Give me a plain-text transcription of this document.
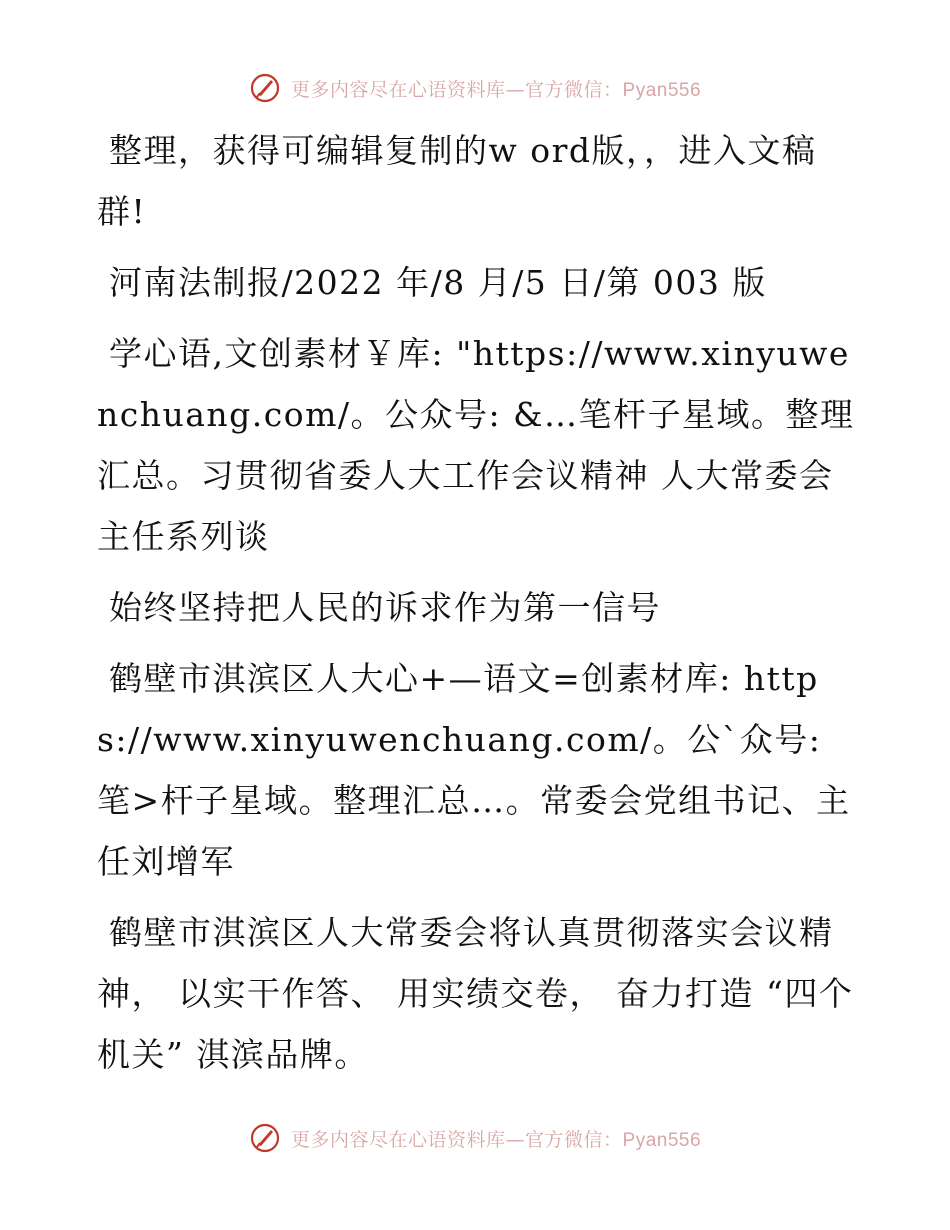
更多内容尽在心语资料库—官方微信：Pyan556

整理，获得可编辑复制的w ord版，，进入文稿群!

河南法制报/2022 年/8 月/5 日/第 003 版

学心语,文创素材￥库: "https://www.xinyuwenchuang.com/。公众号: &…笔杆子星域。整理汇总。习贯彻省委人大工作会议精神 人大常委会主任系列谈

始终坚持把人民的诉求作为第一信号

鹤壁市淇滨区人大心+—语文=创素材库: https://www.xinyuwenchuang.com/。公`众号: 笔>杆子星域。整理汇总…。常委会党组书记、主任刘增军

鹤壁市淇滨区人大常委会将认真贯彻落实会议精神， 以实干作答、 用实绩交卷， 奋力打造 “四个机关” 淇滨品牌。

更多内容尽在心语资料库—官方微信：Pyan556
